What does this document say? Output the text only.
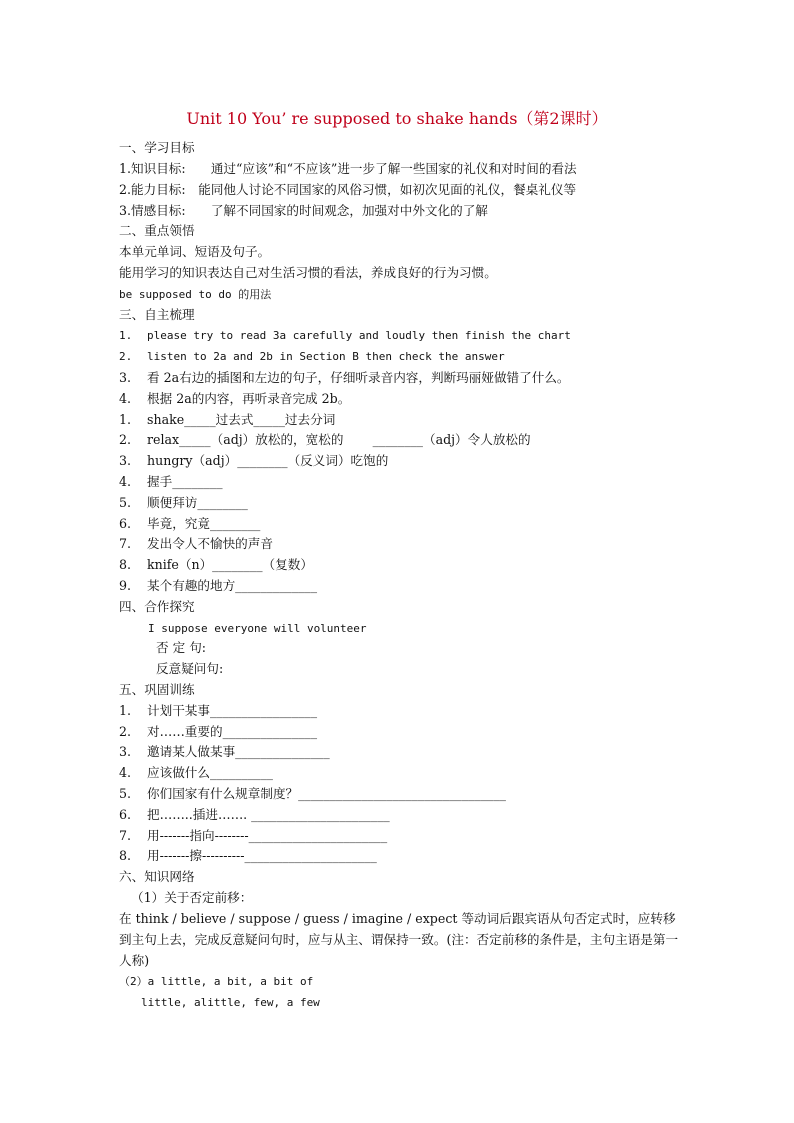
Unit 10 You’ re supposed to shake hands（第2课时）
一、学习目标
1.知识目标:　　通过“应该”和“不应该”进一步了解一些国家的礼仪和对时间的看法
2.能力目标:　能同他人讨论不同国家的风俗习惯，如初次见面的礼仪，餐桌礼仪等
3.情感目标:　　了解不同国家的时间观念，加强对中外文化的了解
二、重点领悟
本单元单词、短语及句子。
能用学习的知识表达自己对生活习惯的看法，养成良好的行为习惯。
be supposed to do 的用法
三、自主梳理
1. please try to read 3a carefully and loudly then finish the chart
2. listen to 2a and 2b in Section B then check the answer
3. 看 2a右边的插图和左边的句子，仔细听录音内容，判断玛丽娅做错了什么。
4. 根据 2a的内容，再听录音完成 2b。
1. shake_____过去式_____过去分词
2. relax_____（adj）放松的，宽松的　　 ________（adj）令人放松的
3. hungry（adj）________（反义词）吃饱的
4. 握手________
5. 顺便拜访________
6. 毕竟，究竟________
7. 发出令人不愉快的声音
8. knife（n）________（复数）
9. 某个有趣的地方_____________
四、合作探究
I suppose everyone will volunteer
否 定 句:
反意疑问句:
五、巩固训练
1. 计划干某事_________________
2. 对……重要的_______________
3. 邀请某人做某事_______________
4. 应该做什么__________
5. 你们国家有什么规章制度？_________________________________
6. 把……..插进……. ______________________
7. 用-------指向--------______________________
8. 用-------擦----------_____________________
六、知识网络
（1）关于否定前移：
在 think / believe / suppose / guess / imagine / expect 等动词后跟宾语从句否定式时，应转移到主句上去，完成反意疑问句时，应与从主、谓保持一致。(注：否定前移的条件是，主句主语是第一人称)
（2）a little, a bit, a bit of
little, alittle, few, a few
